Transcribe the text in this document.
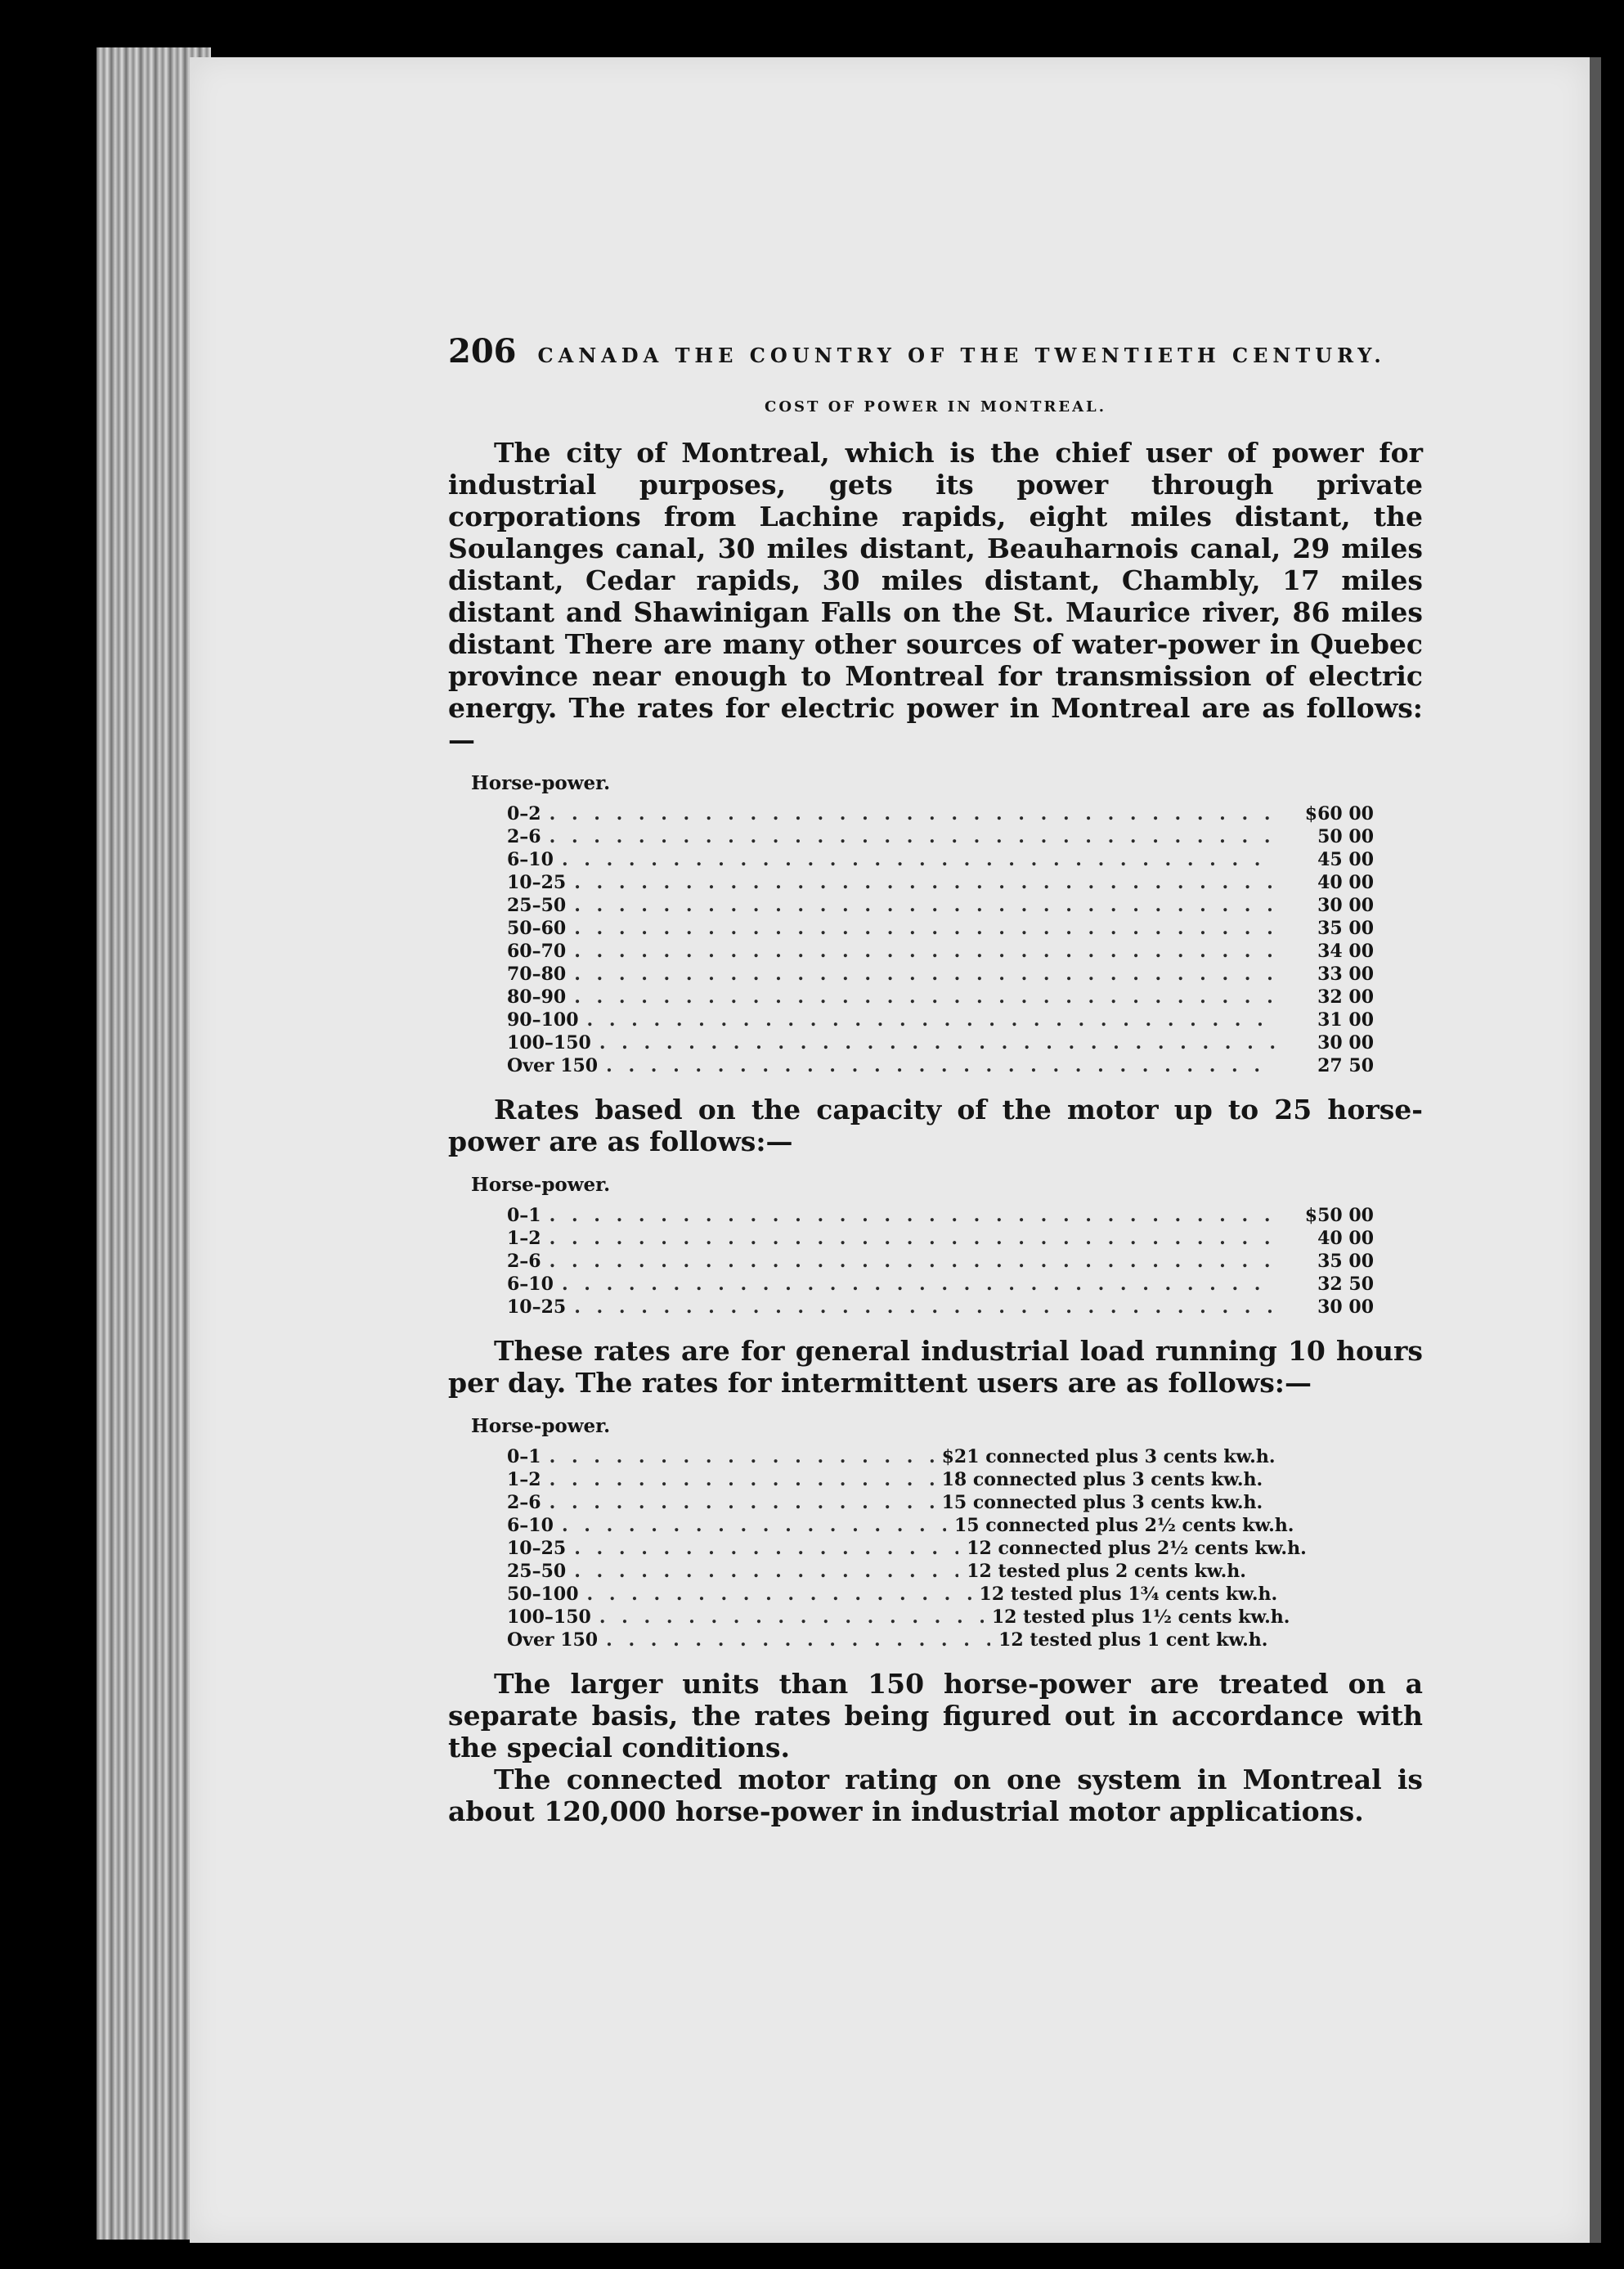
206 CANADA THE COUNTRY OF THE TWENTIETH CENTURY.
COST OF POWER IN MONTREAL.

The city of Montreal, which is the chief user of power for industrial purposes, gets its power through private corporations from Lachine rapids, eight miles distant, the Soulanges canal, 30 miles distant, Beauharnois canal, 29 miles distant, Cedar rapids, 30 miles distant, Chambly, 17 miles distant and Shawinigan Falls on the St. Maurice river, 86 miles distant There are many other sources of water-power in Quebec province near enough to Montreal for transmission of electric energy. The rates for electric power in Montreal are as follows:—

Horse-power.
0–2 . . .	$60 00
2–6 . . .	50 00
6–10 . . .	45 00
10–25 . . .	40 00
25–50 . . .	30 00
50–60 . . .	35 00
60–70 . . .	34 00
70–80 . . .	33 00
80–90 . . .	32 00
90–100 . . .	31 00
100–150 . . .	30 00
Over 150 . . .	27 50

Rates based on the capacity of the motor up to 25 horse-power are as follows:—

Horse-power.
0–1 . . .	$50 00
1–2 . . .	40 00
2–6 . . .	35 00
6–10 . . .	32 50
10–25 . . .	30 00

These rates are for general industrial load running 10 hours per day. The rates for intermittent users are as follows:—

Horse-power.
0–1 . . .	$21 connected plus 3 cents kw.h.
1–2 . . .	18 connected plus 3 cents kw.h.
2–6 . . .	15 connected plus 3 cents kw.h.
6–10 . . .	15 connected plus 2½ cents kw.h.
10–25 . . .	12 connected plus 2½ cents kw.h.
25–50 . . .	12 tested plus 2 cents kw.h.
50–100 . . .	12 tested plus 1¾ cents kw.h.
100–150 . . .	12 tested plus 1½ cents kw.h.
Over 150 . . .	12 tested plus 1 cent kw.h.

The larger units than 150 horse-power are treated on a separate basis, the rates being figured out in accordance with the special conditions.

The connected motor rating on one system in Montreal is about 120,000 horse-power in industrial motor applications.
